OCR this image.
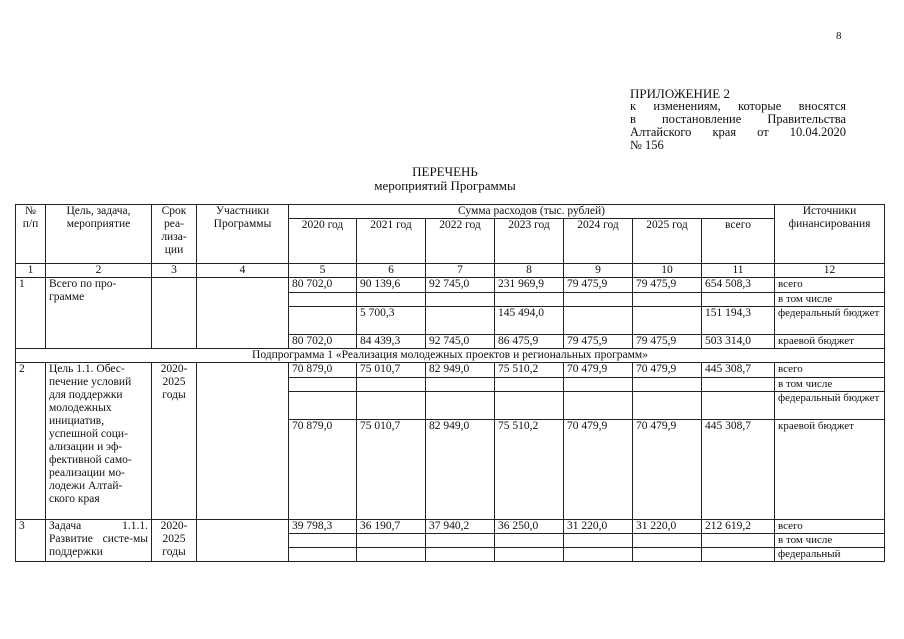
8
ПРИЛОЖЕНИЕ 2
к изменениям, которые вносятся
в постановление Правительства
Алтайского края от 10.04.2020
№ 156
ПЕРЕЧЕНЬ
мероприятий Программы
№ п/п	Цель, задача, мероприятие	Срок реа-лиза-ции	Участники Программы	Сумма расходов (тыс. рублей)							Источники финансирования
				2020 год	2021 год	2022 год	2023 год	2024 год	2025 год	всего	
1	2	3	4	5	6	7	8	9	10	11	12
1	Всего по про-грамме			80 702,0	90 139,6	92 745,0	231 969,9	79 475,9	79 475,9	654 508,3	всего
											в том числе
					5 700,3		145 494,0			151 194,3	федеральный бюджет
				80 702,0	84 439,3	92 745,0	86 475,9	79 475,9	79 475,9	503 314,0	краевой бюджет
Подпрограмма 1 «Реализация молодежных проектов и региональных программ»											
2	Цель 1.1. Обес-печение условий для поддержки молодежных инициатив, успешной соци-ализации и эф-фективной само-реализации мо-лодежи Алтай-ского края	2020-2025 годы		70 879,0	75 010,7	82 949,0	75 510,2	70 479,9	70 479,9	445 308,7	всего
											в том числе
											федеральный бюджет
				70 879,0	75 010,7	82 949,0	75 510,2	70 479,9	70 479,9	445 308,7	краевой бюджет
3	Задача 1.1.1. Развитие систе-мы поддержки	2020-2025 годы		39 798,3	36 190,7	37 940,2	36 250,0	31 220,0	31 220,0	212 619,2	всего
											в том числе
											федеральный
